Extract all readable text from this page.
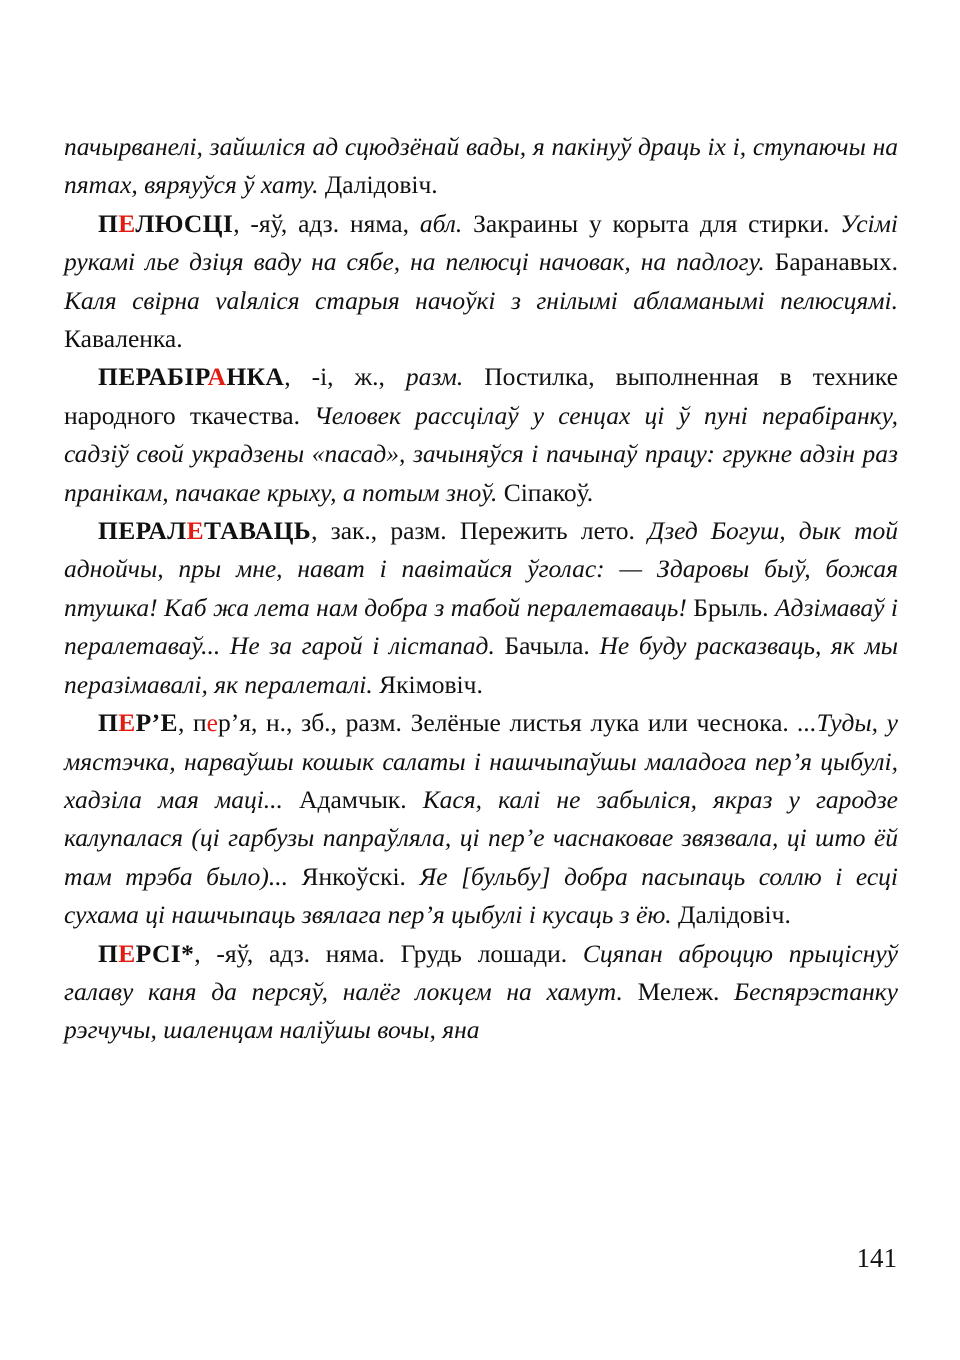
пачырванелі, зайшліся ад сцюдзёнай вады, я пакінуў драць іх і, ступаючы на пятах, вяряуўся ў хату. Далідовіч.

ПЕЛЮСЦІ, -яў, адз. няма, абл. Закраины у корыта для стирки. Усімі рукамі лье дзіця ваду на сябе, на пелюсці начовак, на падлогу. Баранавых. Каля свірна valяліся старыя начоўкі з гнілымі абламанымі пелюсцямі. Каваленка.

ПЕРАБІРАНКА, -і, ж., разм. Постилка, выполненная в технике народного ткачества. Человек рассцілаў у сенцах ці ў пуні перабіранку, садзіў свой украдзены «пасад», зачыняўся і пачынаў працу: грукне адзін раз пранікам, пачакае крыху, а потым зноў. Сіпакоў.

ПЕРАЛЕТАВАЦЬ, зак., разм. Пережить лето. Дзед Богуш, дык той аднойчы, пры мне, нават і павітайся ўголас: — Здаровы быў, божая птушка! Каб жа лета нам добра з табой пералетаваць! Брыль. Адзімаваў і пералетаваў... Не за гарой і лістапад. Бачыла. Не буду расказваць, як мы перазімавалі, як пералеталі. Якімовіч.

ПЕР’Е, пер’я, н., зб., разм. Зелёные листья лука или чеснока. ...Туды, у мястэчка, нарваўшы кошык салаты і нашчыпаўшы маладога пер’я цыбулі, хадзіла мая маці... Адамчык. Кася, калі не забыліся, якраз у гародзе калупалася (ці гарбузы папраўляла, ці пер’е часнаковае звязвала, ці што ёй там трэба было)... Янкоўскі. Яе [бульбу] добра пасыпаць соллю і есці сухама ці нашчыпаць звялага пер’я цыбулі і кусаць з ёю. Далідовіч.

ПЕРСІ*, -яў, адз. няма. Грудь лошади. Сцяпан аброццю прыціснуў галаву каня да персяў, налёг локцем на хамут. Мележ. Беспярэстанку рэгчучы, шаленцам наліўшы вочы, яна

141
